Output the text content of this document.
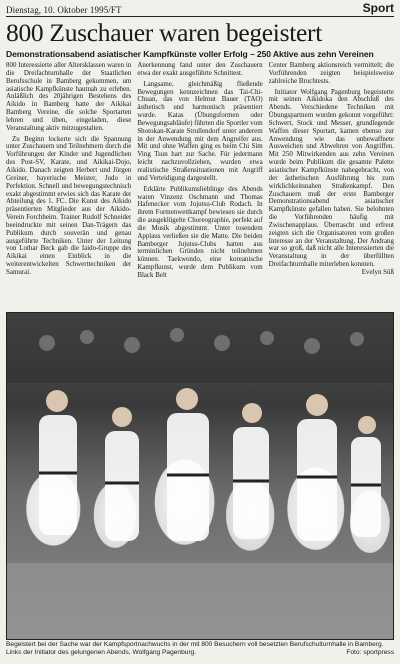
Dienstag, 10. Oktober 1995/FT	Sport
800 Zuschauer waren begeistert
Demonstrationsabend asiatischer Kampfkünste voller Erfolg – 250 Aktive aus zehn Vereinen

800 Interessierte aller Altersklassen waren in die Dreifachturnhalle der Staatlichen Berufsschule in Bamberg gekommen, um asiatische Kampfkünste hautnah zu erleben. Anläßlich des 20jährigen Bestehens des Aikido in Bamberg hatte der Aikikai Bamberg Vereine, die solche Sportarten lehren und üben, eingeladen, diese Veranstaltung aktiv mitzugestalten.

Zu Beginn lockerte sich die Spannung unter Zuschauern und Teilnehmern durch die Vorführungen der Kinder und Jugendlichen des Post-SV, Karate, und Aikikai-Dojo, Aikido. Danach zeigten Herbert und Jürgen Greiner, bayerische Meister, Judo in Perfektion. Schnell und bewegungstechnisch exakt abgestimmt erwies sich das Karate der Abteilung des 1. FC. Die Kunst des Aikido präsentierten Mitglieder aus der Aikido-Verein Forchheim. Trainer Rudolf Schneider beeindruckte mit seinen Dan-Trägern das Publikum durch souverän und genau ausgeführte Techniken. Unter der Leitung von Lothar Beck gab die Iaido-Gruppe des Aikikai einen Einblick in die weiterentwickelten Schwerttechniken der Samurai.

Anerkennung fand unter den Zuschauern etwa der exakt ausgeführte Schnittest.

Langsame, gleichmäßig fließende Bewegungen kennzeichnen das Tai-Chi-Chuan, das von Helmut Bauer (TAO) ästhetisch und harmonisch präsentiert wurde. Katas (Übungsformen oder Bewegungsabläufe) führten die Sportler vom Shotokan-Karate Strullendorf unter anderem in der Anwendung mit dem Angreifer aus. Mit und ohne Waffen ging es beim Chi Sim Ving Tsun hart zur Sache. Für jedermann leicht nachzuvollziehen, wurden etwa realistische Straßensituationen mit Angriff und Verteidigung dargestellt.

Erklärte Publikumslieblinge des Abends waren Vinzenz Oschmann und Thomas Hafenecker vom Jujutsu-Club Rodach. In ihrem Formenwettkampf bewiesen sie durch die ausgeklügelte Choreographie, perfekt auf die Musik abgestimmt. Unter tosendem Applaus verließen sie die Matte. Die beiden Bamberger Jujutsu-Clubs hatten aus terminlichen Gründen nicht teilnehmen können. Taekwondo, eine koreanische Kampfkunst, wurde dem Publikum vom Black Belt

Center Bamberg aktionsreich vermittelt; die Vorführenden zeigten beispielsweise zahlreiche Bruchtests.

Initiator Wolfgang Pagenburg begeisterte mit seinen Aikidoka den Abschluß des Abends. Verschiedene Techniken mit Übungspartnern wurden gekonnt vorgeführt: Schwert, Stock und Messer, grundlegende Waffen dieser Sportart, kamen ebenso zur Anwendung wie das unbewaffnete Ausweichen und Abwehren von Angriffen. Mit 250 Mitwirkenden aus zehn Vereinen wurde beim Publikum die gesamte Palette asiatischer Kampfkünste nahegebracht, von der ästhetischen Ausführung bis zum wirklichkeitsnahen Straßenkampf. Den Zuschauern muß der erste Bamberger Demonstrationsabend asiatischer Kampfkünste gefallen haben. Sie belohnten die Vorführenden häufig mit Zwischenapplaus. Überrascht und erfreut zeigten sich die Organisatoren vom großen Interesse an der Veranstaltung. Der Andrang war so groß, daß nicht alle Interessierten die Veranstaltung in der überfüllten Dreifachturnhalle miterleben konnten.

Evelyn Süß
Begeistert bei der Sache war der Kampfsportnachwuchs in der mit 800 Besuchern voll besetzten Berufschulturnhalle in Bamberg. Links der Initiator des gelungenen Abends, Wolfgang Pagenburg.	Foto: sportpress
